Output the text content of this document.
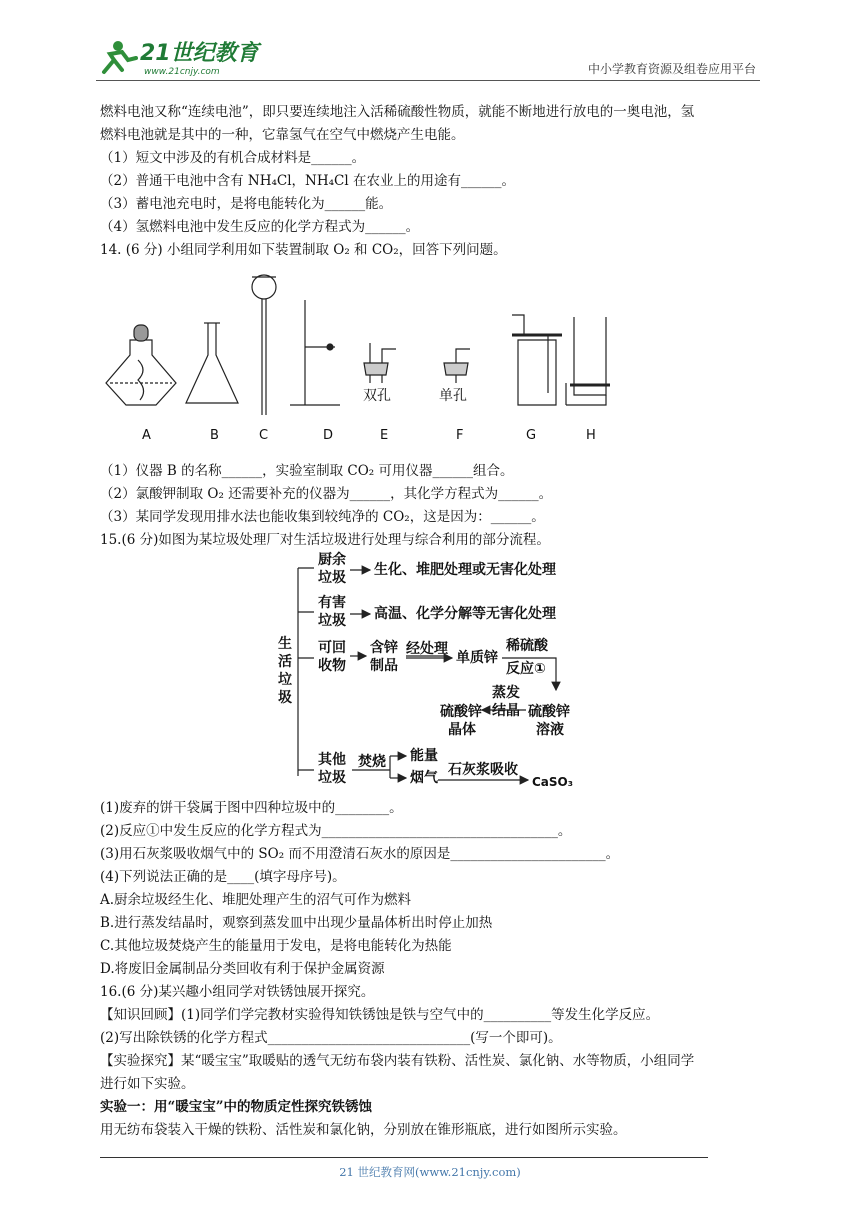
21世纪教育
www.21cnjy.com	中小学教育资源及组卷应用平台
燃料电池又称“连续电池”，即只要连续地注入活稀硫酸性物质，就能不断地进行放电的一奥电池，氢
燃料电池就是其中的一种，它靠氢气在空气中燃烧产生电能。
（1）短文中涉及的有机合成材料是______。
（2）普通干电池中含有 NH₄Cl，NH₄Cl 在农业上的用途有______。
（3）蓄电池充电时，是将电能转化为______能。
（4）氢燃料电池中发生反应的化学方程式为______。
14. (6 分) 小组同学利用如下装置制取 O₂ 和 CO₂，回答下列问题。
双孔	单孔
A	B	C	D	E	F	G	H
（1）仪器 B 的名称______，实验室制取 CO₂ 可用仪器______组合。
（2）氯酸钾制取 O₂ 还需要补充的仪器为______，其化学方程式为______。
（3）某同学发现用排水法也能收集到较纯净的 CO₂，这是因为：______。
15.(6 分)如图为某垃圾处理厂对生活垃圾进行处理与综合利用的部分流程。
生
活
垃
圾
厨余
垃圾 生化、堆肥处理或无害化处理
有害
垃圾 高温、化学分解等无害化处理
可回
收物
含锌
制品
经处理
单质锌
稀硫酸
反应①
蒸发
结晶
硫酸锌
晶体
硫酸锌
溶液
其他
垃圾
焚烧 能量
烟气 石灰浆吸收
CaSO₃
(1)废弃的饼干袋属于图中四种垃圾中的________。
(2)反应①中发生反应的化学方程式为___________________________________。
(3)用石灰浆吸收烟气中的 SO₂ 而不用澄清石灰水的原因是_______________________。
(4)下列说法正确的是____(填字母序号)。
A.厨余垃圾经生化、堆肥处理产生的沼气可作为燃料
B.进行蒸发结晶时，观察到蒸发皿中出现少量晶体析出时停止加热
C.其他垃圾焚烧产生的能量用于发电，是将电能转化为热能
D.将废旧金属制品分类回收有利于保护金属资源
16.(6 分)某兴趣小组同学对铁锈蚀展开探究。
【知识回顾】(1)同学们学完教材实验得知铁锈蚀是铁与空气中的__________等发生化学反应。
(2)写出除铁锈的化学方程式______________________________(写一个即可)。
【实验探究】某“暖宝宝”取暖贴的透气无纺布袋内装有铁粉、活性炭、氯化钠、水等物质，小组同学
进行如下实验。
实验一：用“暖宝宝”中的物质定性探究铁锈蚀
用无纺布袋装入干燥的铁粉、活性炭和氯化钠，分别放在锥形瓶底，进行如图所示实验。
21 世纪教育网(www.21cnjy.com)
